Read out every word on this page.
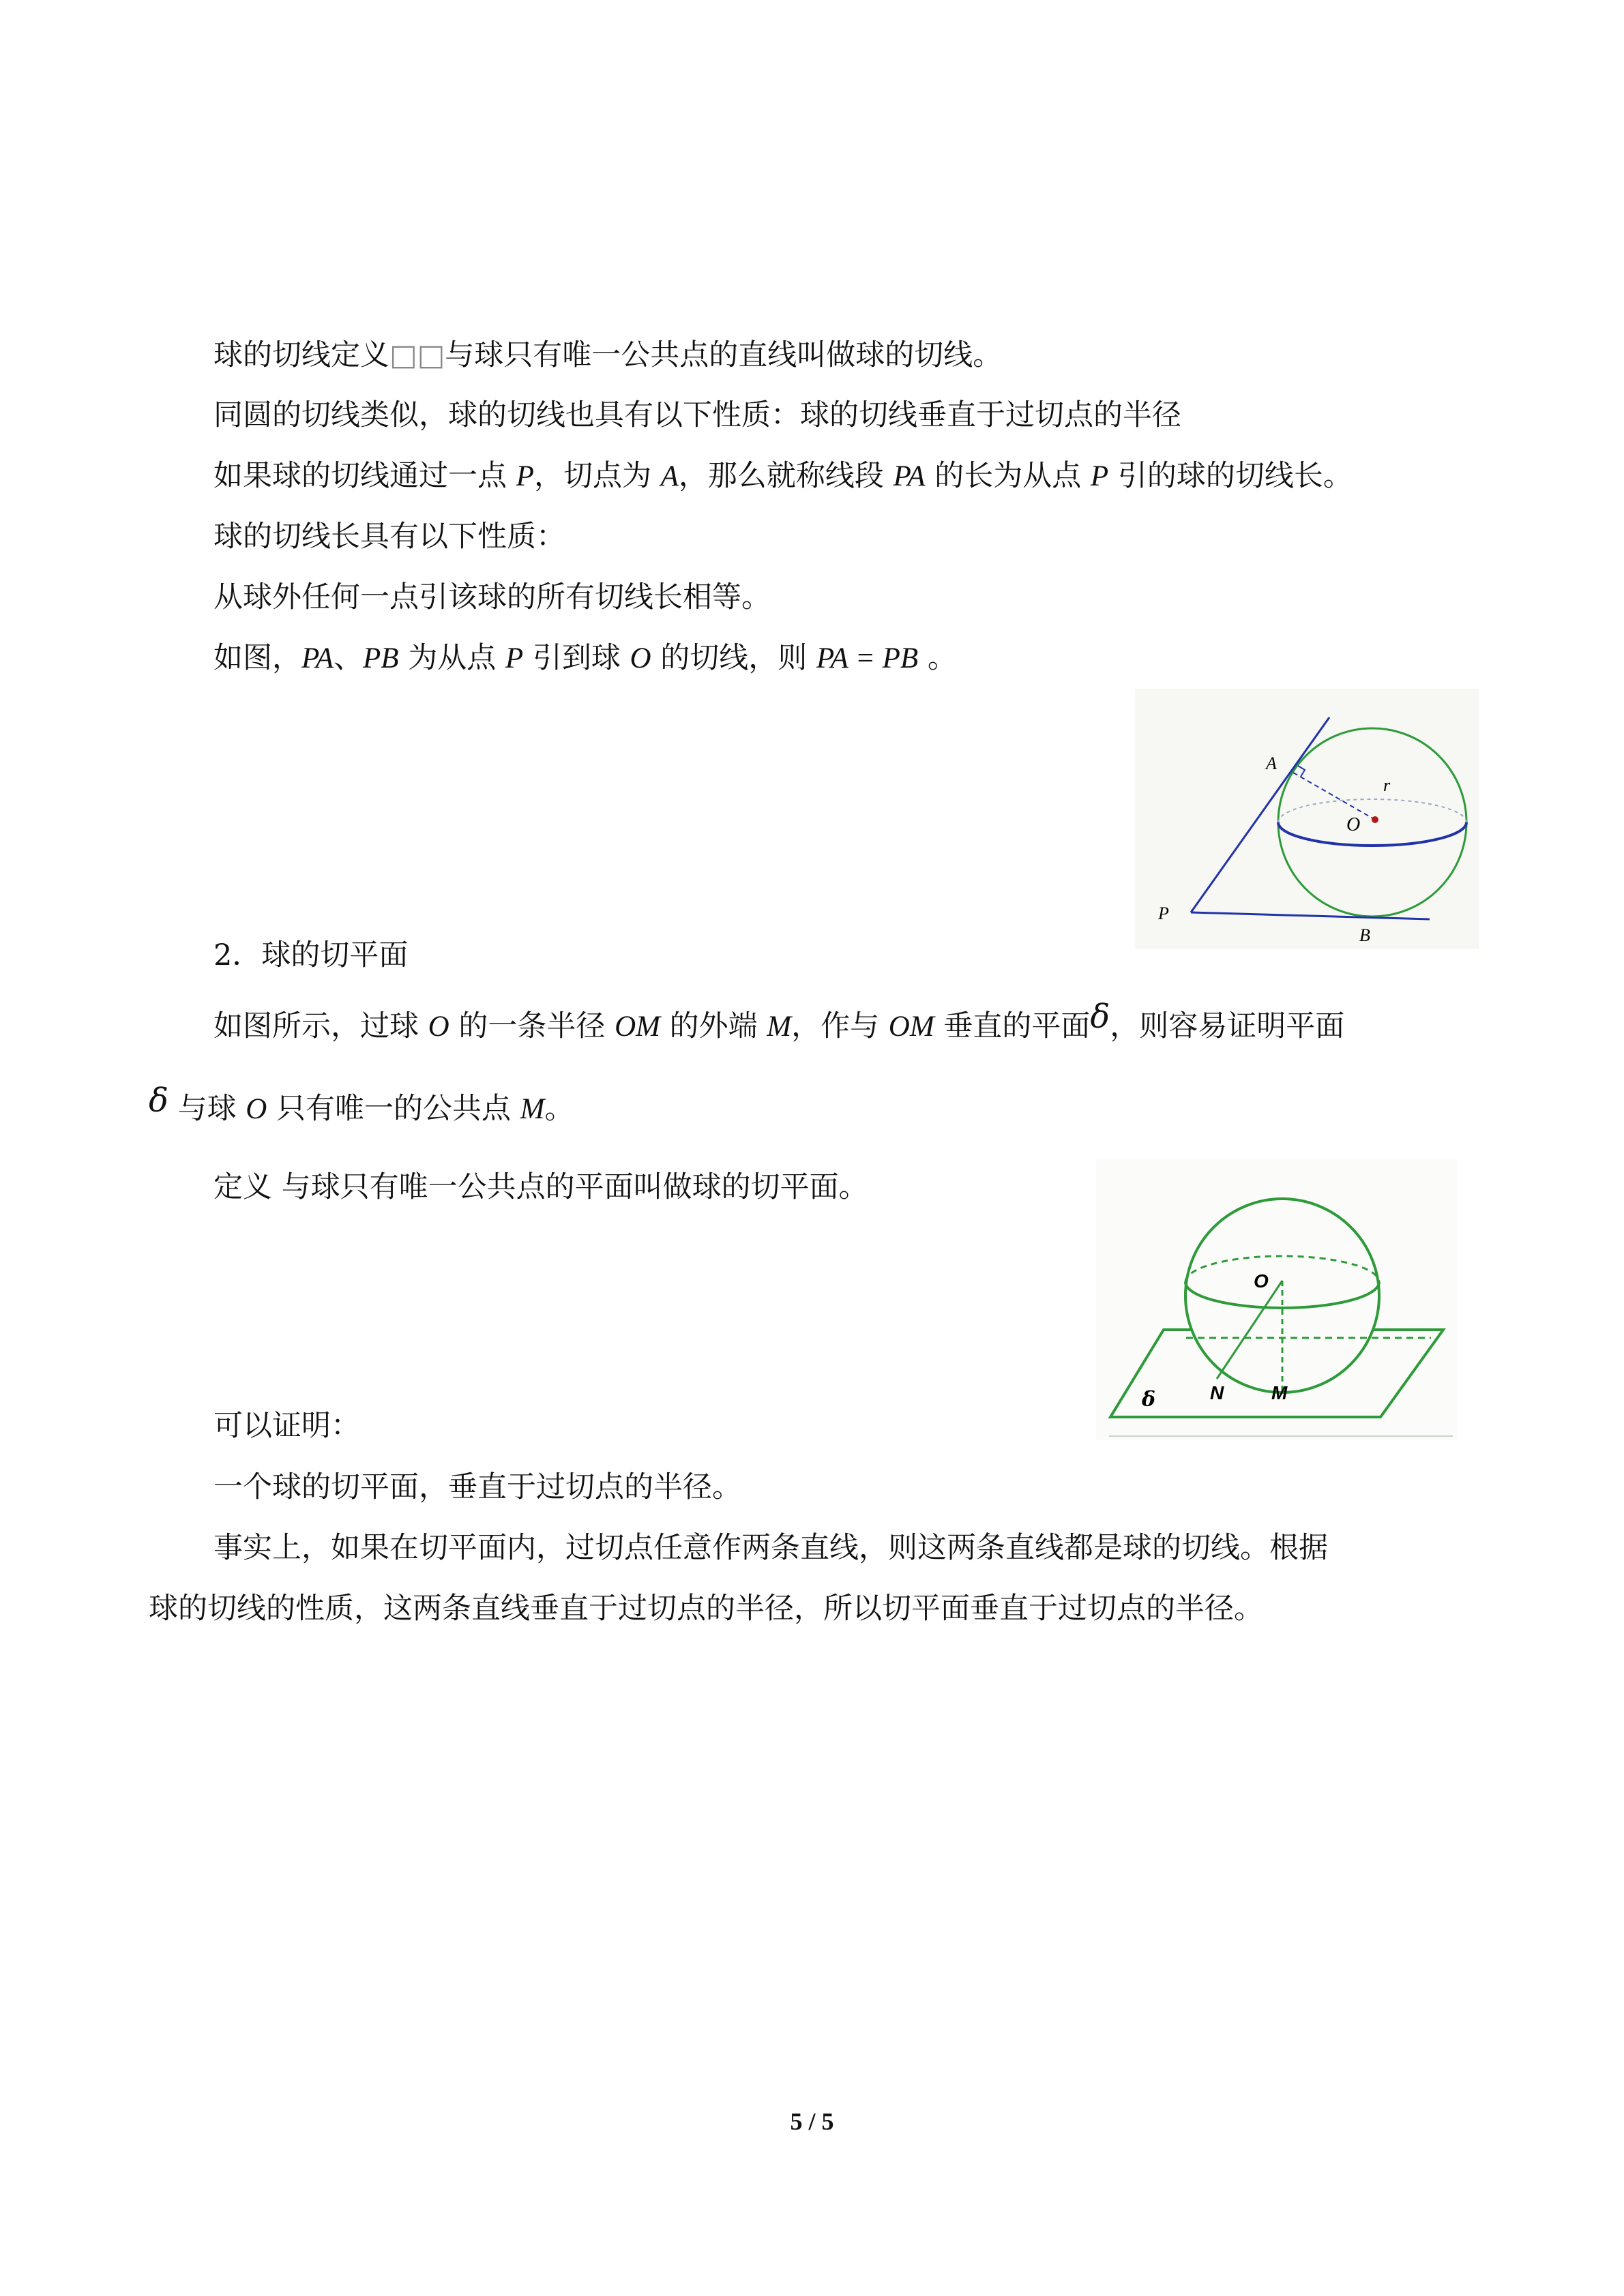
球的切线定义□□与球只有唯一公共点的直线叫做球的切线。
同圆的切线类似，球的切线也具有以下性质：球的切线垂直于过切点的半径
如果球的切线通过一点 P，切点为 A，那么就称线段 PA 的长为从点 P 引的球的切线长。
球的切线长具有以下性质：
从球外任何一点引该球的所有切线长相等。
如图，PA、PB 为从点 P 引到球 O 的切线，则 PA = PB 。
A
r
O
P
B
2．球的切平面
如图所示，过球 O 的一条半径 OM 的外端 M，作与 OM 垂直的平面δ，则容易证明平面
δ 与球 O 只有唯一的公共点 M。
定义 与球只有唯一公共点的平面叫做球的切平面。
O
N M
δ
可以证明：
一个球的切平面，垂直于过切点的半径。
事实上，如果在切平面内，过切点任意作两条直线，则这两条直线都是球的切线。根据
球的切线的性质，这两条直线垂直于过切点的半径，所以切平面垂直于过切点的半径。
5 / 5
